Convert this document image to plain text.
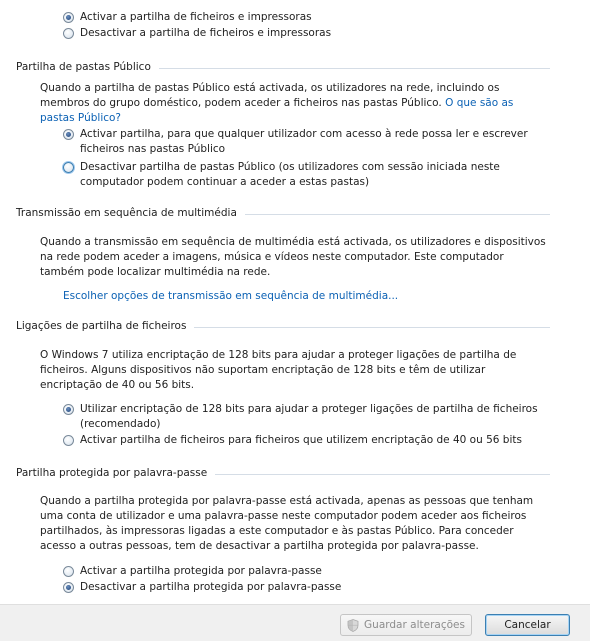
Activar a partilha de ficheiros e impressoras
Desactivar a partilha de ficheiros e impressoras
Partilha de pastas Público
Quando a partilha de pastas Público está activada, os utilizadores na rede, incluindo os membros do grupo doméstico, podem aceder a ficheiros nas pastas Público. O que são as pastas Público?
Activar partilha, para que qualquer utilizador com acesso à rede possa ler e escrever ficheiros nas pastas Público
Desactivar partilha de pastas Público (os utilizadores com sessão iniciada neste computador podem continuar a aceder a estas pastas)
Transmissão em sequência de multimédia
Quando a transmissão em sequência de multimédia está activada, os utilizadores e dispositivos na rede podem aceder a imagens, música e vídeos neste computador. Este computador também pode localizar multimédia na rede.
Escolher opções de transmissão em sequência de multimédia...
Ligações de partilha de ficheiros
O Windows 7 utiliza encriptação de 128 bits para ajudar a proteger ligações de partilha de ficheiros. Alguns dispositivos não suportam encriptação de 128 bits e têm de utilizar encriptação de 40 ou 56 bits.
Utilizar encriptação de 128 bits para ajudar a proteger ligações de partilha de ficheiros (recomendado)
Activar partilha de ficheiros para ficheiros que utilizem encriptação de 40 ou 56 bits
Partilha protegida por palavra-passe
Quando a partilha protegida por palavra-passe está activada, apenas as pessoas que tenham uma conta de utilizador e uma palavra-passe neste computador podem aceder aos ficheiros partilhados, às impressoras ligadas a este computador e às pastas Público. Para conceder acesso a outras pessoas, tem de desactivar a partilha protegida por palavra-passe.
Activar a partilha protegida por palavra-passe
Desactivar a partilha protegida por palavra-passe
Guardar alterações	Cancelar
